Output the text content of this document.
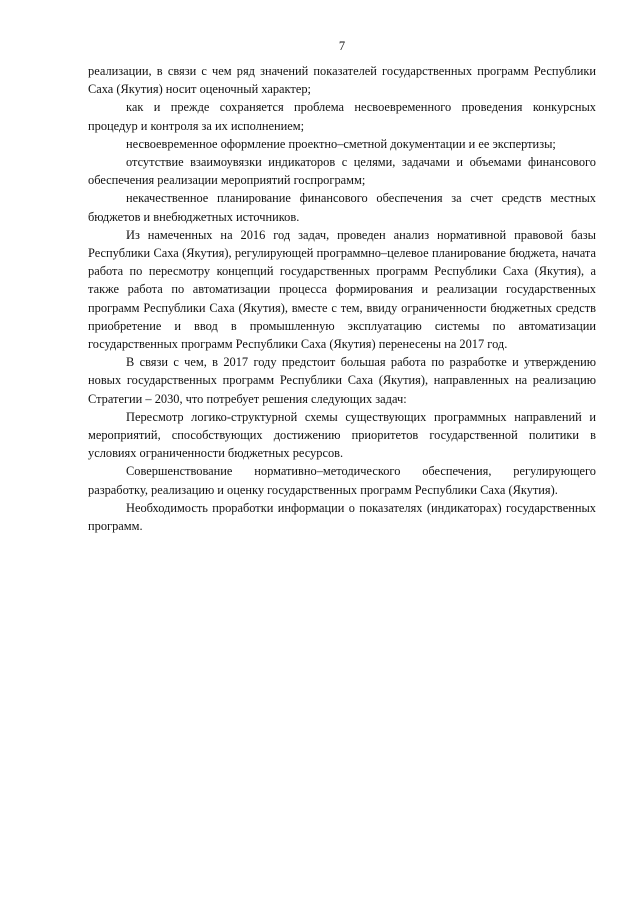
7

реализации, в связи с чем ряд значений показателей государственных программ Республики Саха (Якутия) носит оценочный характер;

как и прежде сохраняется проблема несвоевременного проведения конкурсных процедур и контроля за их исполнением;

несвоевременное оформление проектно–сметной документации и ее экспертизы;

отсутствие взаимоувязки индикаторов с целями, задачами и объемами финансового обеспечения реализации мероприятий госпрограмм;

некачественное планирование финансового обеспечения за счет средств местных бюджетов и внебюджетных источников.

Из намеченных на 2016 год задач, проведен анализ нормативной правовой базы Республики Саха (Якутия), регулирующей программно–целевое планирование бюджета, начата работа по пересмотру концепций государственных программ Республики Саха (Якутия), а также работа по автоматизации процесса формирования и реализации государственных программ Республики Саха (Якутия), вместе с тем, ввиду ограниченности бюджетных средств приобретение и ввод в промышленную эксплуатацию системы по автоматизации государственных программ Республики Саха (Якутия) перенесены на 2017 год.

В связи с чем, в 2017 году предстоит большая работа по разработке и утверждению новых государственных программ Республики Саха (Якутия), направленных на реализацию Стратегии – 2030, что потребует решения следующих задач:

Пересмотр логико-структурной схемы существующих программных направлений и мероприятий, способствующих достижению приоритетов государственной политики в условиях ограниченности бюджетных ресурсов.

Совершенствование нормативно–методического обеспечения, регулирующего разработку, реализацию и оценку государственных программ Республики Саха (Якутия).

Необходимость проработки информации о показателях (индикаторах) государственных программ.
